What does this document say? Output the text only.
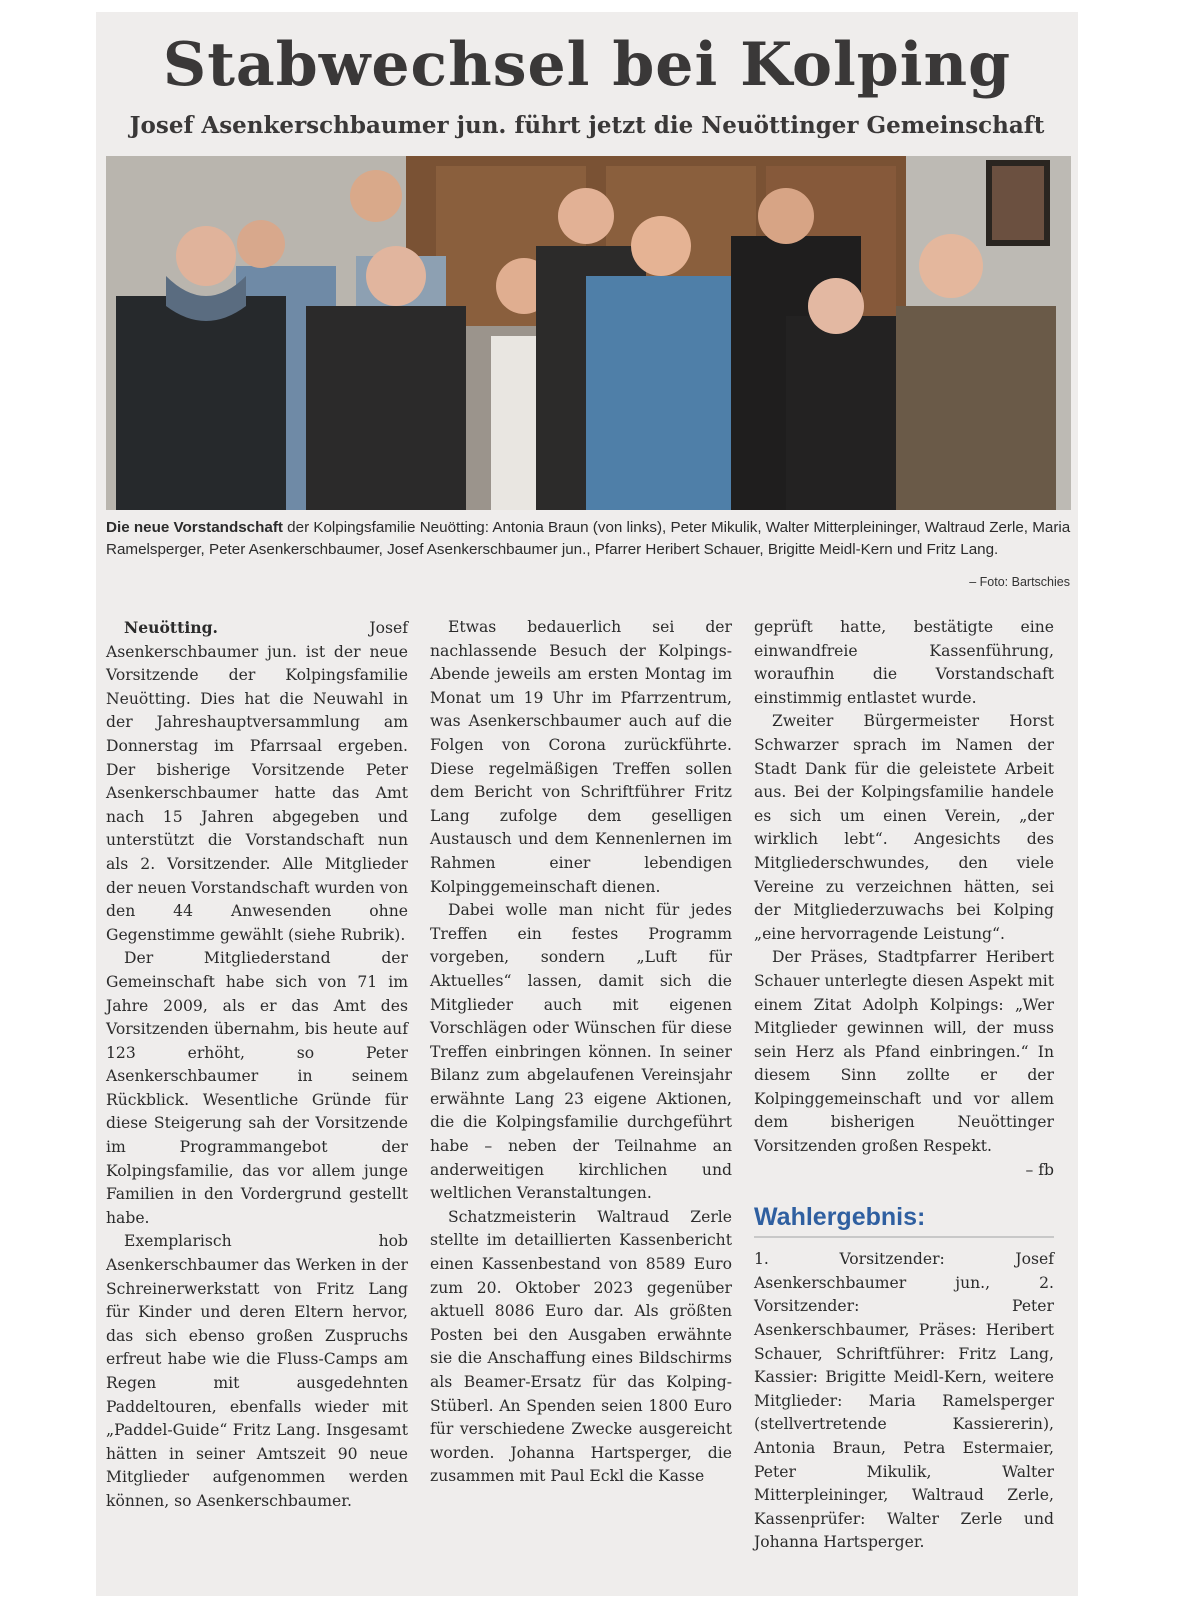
Stabwechsel bei Kolping
Josef Asenkerschbaumer jun. führt jetzt die Neuöttinger Gemeinschaft

Die neue Vorstandschaft der Kolpingsfamilie Neuötting: Antonia Braun (von links), Peter Mikulik, Walter Mitterpleininger, Waltraud Zerle, Maria Ramelsperger, Peter Asenkerschbaumer, Josef Asenkerschbaumer jun., Pfarrer Heribert Schauer, Brigitte Meidl-Kern und Fritz Lang.

– Foto: Bartschies

Neuötting. Josef Asenkerschbaumer jun. ist der neue Vorsitzende der Kolpingsfamilie Neuötting. Dies hat die Neuwahl in der Jahreshauptversammlung am Donnerstag im Pfarrsaal ergeben. Der bisherige Vorsitzende Peter Asenkerschbaumer hatte das Amt nach 15 Jahren abgegeben und unterstützt die Vorstandschaft nun als 2. Vorsitzender. Alle Mitglieder der neuen Vorstandschaft wurden von den 44 Anwesenden ohne Gegenstimme gewählt (siehe Rubrik).

Der Mitgliederstand der Gemeinschaft habe sich von 71 im Jahre 2009, als er das Amt des Vorsitzenden übernahm, bis heute auf 123 erhöht, so Peter Asenkerschbaumer in seinem Rückblick. Wesentliche Gründe für diese Steigerung sah der Vorsitzende im Programmangebot der Kolpingsfamilie, das vor allem junge Familien in den Vordergrund gestellt habe.

Exemplarisch hob Asenkerschbaumer das Werken in der Schreinerwerkstatt von Fritz Lang für Kinder und deren Eltern hervor, das sich ebenso großen Zuspruchs erfreut habe wie die Fluss-Camps am Regen mit ausgedehnten Paddeltouren, ebenfalls wieder mit „Paddel-Guide“ Fritz Lang. Insgesamt hätten in seiner Amtszeit 90 neue Mitglieder aufgenommen werden können, so Asenkerschbaumer.

Etwas bedauerlich sei der nachlassende Besuch der Kolpings-Abende jeweils am ersten Montag im Monat um 19 Uhr im Pfarrzentrum, was Asenkerschbaumer auch auf die Folgen von Corona zurückführte. Diese regelmäßigen Treffen sollen dem Bericht von Schriftführer Fritz Lang zufolge dem geselligen Austausch und dem Kennenlernen im Rahmen einer lebendigen Kolpinggemeinschaft dienen.

Dabei wolle man nicht für jedes Treffen ein festes Programm vorgeben, sondern „Luft für Aktuelles“ lassen, damit sich die Mitglieder auch mit eigenen Vorschlägen oder Wünschen für diese Treffen einbringen können. In seiner Bilanz zum abgelaufenen Vereinsjahr erwähnte Lang 23 eigene Aktionen, die die Kolpingsfamilie durchgeführt habe – neben der Teilnahme an anderweitigen kirchlichen und weltlichen Veranstaltungen.

Schatzmeisterin Waltraud Zerle stellte im detaillierten Kassenbericht einen Kassenbestand von 8589 Euro zum 20. Oktober 2023 gegenüber aktuell 8086 Euro dar. Als größten Posten bei den Ausgaben erwähnte sie die Anschaffung eines Bildschirms als Beamer-Ersatz für das Kolping-Stüberl. An Spenden seien 1800 Euro für verschiedene Zwecke ausgereicht worden. Johanna Hartsperger, die zusammen mit Paul Eckl die Kasse

geprüft hatte, bestätigte eine einwandfreie Kassenführung, woraufhin die Vorstandschaft einstimmig entlastet wurde.

Zweiter Bürgermeister Horst Schwarzer sprach im Namen der Stadt Dank für die geleistete Arbeit aus. Bei der Kolpingsfamilie handele es sich um einen Verein, „der wirklich lebt“. Angesichts des Mitgliederschwundes, den viele Vereine zu verzeichnen hätten, sei der Mitgliederzuwachs bei Kolping „eine hervorragende Leistung“.

Der Präses, Stadtpfarrer Heribert Schauer unterlegte diesen Aspekt mit einem Zitat Adolph Kolpings: „Wer Mitglieder gewinnen will, der muss sein Herz als Pfand einbringen.“ In diesem Sinn zollte er der Kolpinggemeinschaft und vor allem dem bisherigen Neuöttinger Vorsitzenden großen Respekt.

– fb

Wahlergebnis:

1. Vorsitzender: Josef Asenkerschbaumer jun., 2. Vorsitzender: Peter Asenkerschbaumer, Präses: Heribert Schauer, Schriftführer: Fritz Lang, Kassier: Brigitte Meidl-Kern, weitere Mitglieder: Maria Ramelsperger (stellvertretende Kassiererin), Antonia Braun, Petra Estermaier, Peter Mikulik, Walter Mitterpleininger, Waltraud Zerle, Kassenprüfer: Walter Zerle und Johanna Hartsperger.
